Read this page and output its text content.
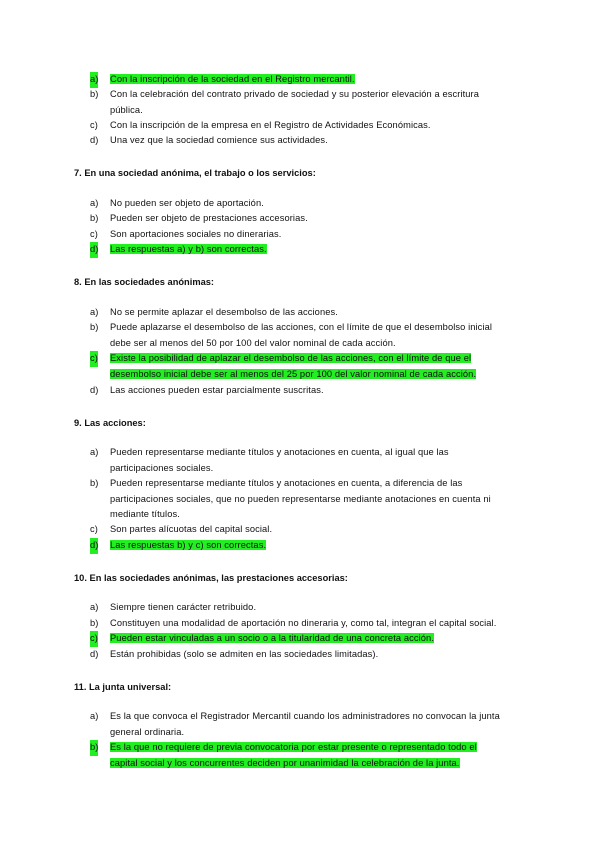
a) Con la inscripción de la sociedad en el Registro mercantil.
b) Con la celebración del contrato privado de sociedad y su posterior elevación a escritura
pública.
c) Con la inscripción de la empresa en el Registro de Actividades Económicas.
d) Una vez que la sociedad comience sus actividades.
7. En una sociedad anónima, el trabajo o los servicios:
a) No pueden ser objeto de aportación.
b) Pueden ser objeto de prestaciones accesorias.
c) Son aportaciones sociales no dinerarias.
d) Las respuestas a) y b) son correctas.
8. En las sociedades anónimas:
a) No se permite aplazar el desembolso de las acciones.
b) Puede aplazarse el desembolso de las acciones, con el límite de que el desembolso inicial
debe ser al menos del 50 por 100 del valor nominal de cada acción.
c) Existe la posibilidad de aplazar el desembolso de las acciones, con el límite de que el
desembolso inicial debe ser al menos del 25 por 100 del valor nominal de cada acción.
d) Las acciones pueden estar parcialmente suscritas.
9. Las acciones:
a) Pueden representarse mediante títulos y anotaciones en cuenta, al igual que las
participaciones sociales.
b) Pueden representarse mediante títulos y anotaciones en cuenta, a diferencia de las
participaciones sociales, que no pueden representarse mediante anotaciones en cuenta ni
mediante títulos.
c) Son partes alícuotas del capital social.
d) Las respuestas b) y c) son correctas.
10. En las sociedades anónimas, las prestaciones accesorias:
a) Siempre tienen carácter retribuido.
b) Constituyen una modalidad de aportación no dineraria y, como tal, integran el capital social.
c) Pueden estar vinculadas a un socio o a la titularidad de una concreta acción.
d) Están prohibidas (solo se admiten en las sociedades limitadas).
11. La junta universal:
a) Es la que convoca el Registrador Mercantil cuando los administradores no convocan la junta
general ordinaria.
b) Es la que no requiere de previa convocatoria por estar presente o representado todo el
capital social y los concurrentes deciden por unanimidad la celebración de la junta.
